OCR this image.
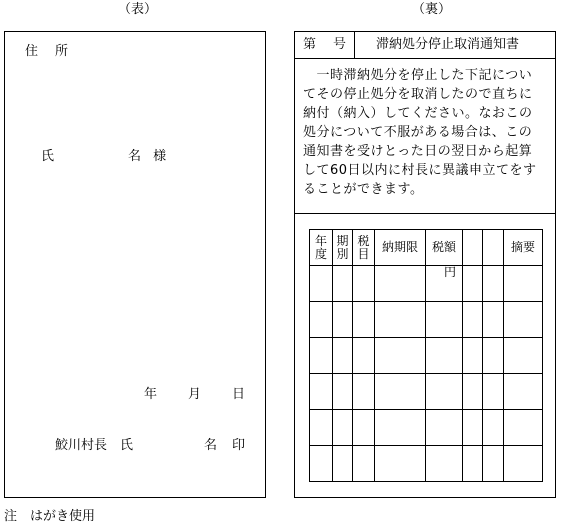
（表）	（裏）
住　所
氏	名 様
年 月 日
鮫川村長　氏	名 印
第　号 滞納処分停止取消通知書
　一時滞納処分を停止した下記につい
てその停止処分を取消したので直ちに
納付（納入）してください。なおこの
処分について不服がある場合は、この
通知書を受けとった日の翌日から起算
して60日以内に村長に異議申立てをす
ることができます。
年度	期別	税目	納期限	税額			摘要
				円			

注　はがき使用
